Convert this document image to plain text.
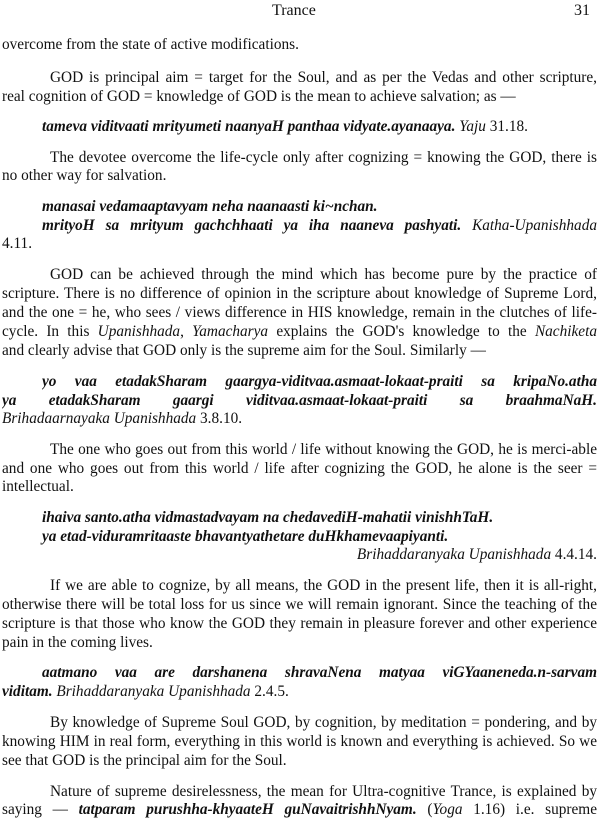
Trance	31
overcome from the state of active modifications.
GOD is principal aim = target for the Soul, and as per the Vedas and other scripture,
real cognition of GOD = knowledge of GOD is the mean to achieve salvation; as —
tameva viditvaati mrityumeti naanyaH panthaa vidyate.ayanaaya. Yaju 31.18.
The devotee overcome the life-cycle only after cognizing = knowing the GOD, there is
no other way for salvation.
manasai vedamaaptavyam neha naanaasti ki~nchan.
mrityoH sa mrityum gachchhaati ya iha naaneva pashyati. Katha-Upanishhada
4.11.
GOD can be achieved through the mind which has become pure by the practice of
scripture. There is no difference of opinion in the scripture about knowledge of Supreme Lord,
and the one = he, who sees / views difference in HIS knowledge, remain in the clutches of life-
cycle. In this Upanishhada, Yamacharya explains the GOD's knowledge to the Nachiketa
and clearly advise that GOD only is the supreme aim for the Soul. Similarly —
yo vaa etadakSharam gaargya-viditvaa.asmaat-lokaat-praiti sa kripaNo.atha
ya etadakSharam gaargi viditvaa.asmaat-lokaat-praiti sa braahmaNaH.
Brihadaarnayaka Upanishhada 3.8.10.
The one who goes out from this world / life without knowing the GOD, he is merci-able
and one who goes out from this world / life after cognizing the GOD, he alone is the seer =
intellectual.
ihaiva santo.atha vidmastadvayam na chedavediH-mahatii vinishhTaH.
ya etad-viduramritaaste bhavantyathetare duHkhamevaapiyanti.
Brihaddaranyaka Upanishhada 4.4.14.
If we are able to cognize, by all means, the GOD in the present life, then it is all-right,
otherwise there will be total loss for us since we will remain ignorant. Since the teaching of the
scripture is that those who know the GOD they remain in pleasure forever and other experience
pain in the coming lives.
aatmano vaa are darshanena shravaNena matyaa viGYaaneneda.n-sarvam
viditam. Brihaddaranyaka Upanishhada 2.4.5.
By knowledge of Supreme Soul GOD, by cognition, by meditation = pondering, and by
knowing HIM in real form, everything in this world is known and everything is achieved. So we
see that GOD is the principal aim for the Soul.
Nature of supreme desirelessness, the mean for Ultra-cognitive Trance, is explained by
saying — tatparam purushha-khyaateH guNavaitrishhNyam. (Yoga 1.16) i.e. supreme
